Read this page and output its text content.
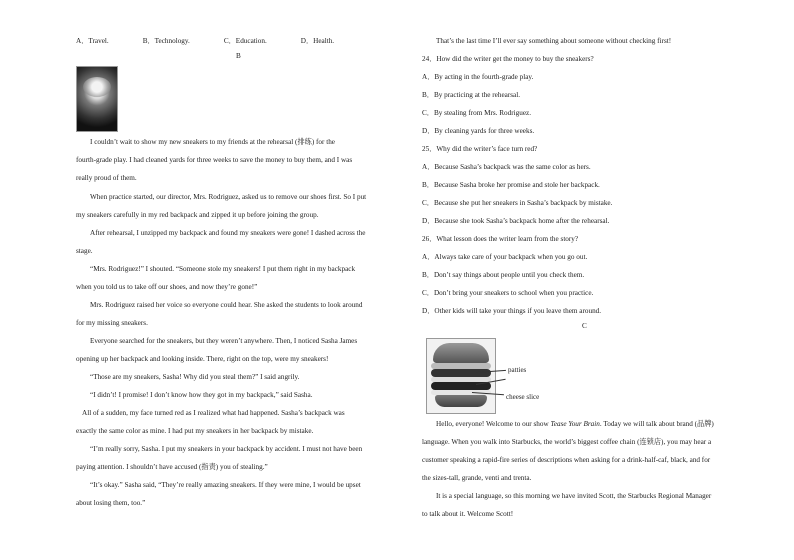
A．Travel.	B．Technology.	C．Education.	D．Health.
B
I couldn’t wait to show my new sneakers to my friends at the rehearsal (排练) for the
fourth-grade play. I had cleaned yards for three weeks to save the money to buy them, and I was
really proud of them.
When practice started, our director, Mrs. Rodriguez, asked us to remove our shoes first. So I put
my sneakers carefully in my red backpack and zipped it up before joining the group.
After rehearsal, I unzipped my backpack and found my sneakers were gone! I dashed across the
stage.
“Mrs. Rodriguez!” I shouted. “Someone stole my sneakers! I put them right in my backpack
when you told us to take off our shoes, and now they’re gone!”
Mrs. Rodriguez raised her voice so everyone could hear. She asked the students to look around
for my missing sneakers.
Everyone searched for the sneakers, but they weren’t anywhere. Then, I noticed Sasha James
opening up her backpack and looking inside. There, right on the top, were my sneakers!
“Those are my sneakers, Sasha! Why did you steal them?” I said angrily.
“I didn’t! I promise! I don’t know how they got in my backpack,” said Sasha.
All of a sudden, my face turned red as I realized what had happened. Sasha’s backpack was
exactly the same color as mine. I had put my sneakers in her backpack by mistake.
“I’m really sorry, Sasha. I put my sneakers in your backpack by accident. I must not have been
paying attention. I shouldn’t have accused (指责) you of stealing.”
“It’s okay.” Sasha said, “They’re really amazing sneakers. If they were mine, I would be upset
about losing them, too.”
That’s the last time I’ll ever say something about someone without checking first!
24．How did the writer get the money to buy the sneakers?
A．By acting in the fourth-grade play.
B．By practicing at the rehearsal.
C．By stealing from Mrs. Rodriguez.
D．By cleaning yards for three weeks.
25．Why did the writer’s face turn red?
A．Because Sasha’s backpack was the same color as hers.
B．Because Sasha broke her promise and stole her backpack.
C．Because she put her sneakers in Sasha’s backpack by mistake.
D．Because she took Sasha’s backpack home after the rehearsal.
26．What lesson does the writer learn from the story?
A．Always take care of your backpack when you go out.
B．Don’t say things about people until you check them.
C．Don’t bring your sneakers to school when you practice.
D．Other kids will take your things if you leave them around.
C
patties
cheese slice
Hello, everyone! Welcome to our show Tease Your Brain. Today we will talk about brand (品牌)
language. When you walk into Starbucks, the world’s biggest coffee chain (连锁店), you may hear a
customer speaking a rapid-fire series of descriptions when asking for a drink-half-caf, black, and for
the sizes-tall, grande, venti and trenta.
It is a special language, so this morning we have invited Scott, the Starbucks Regional Manager
to talk about it. Welcome Scott!
